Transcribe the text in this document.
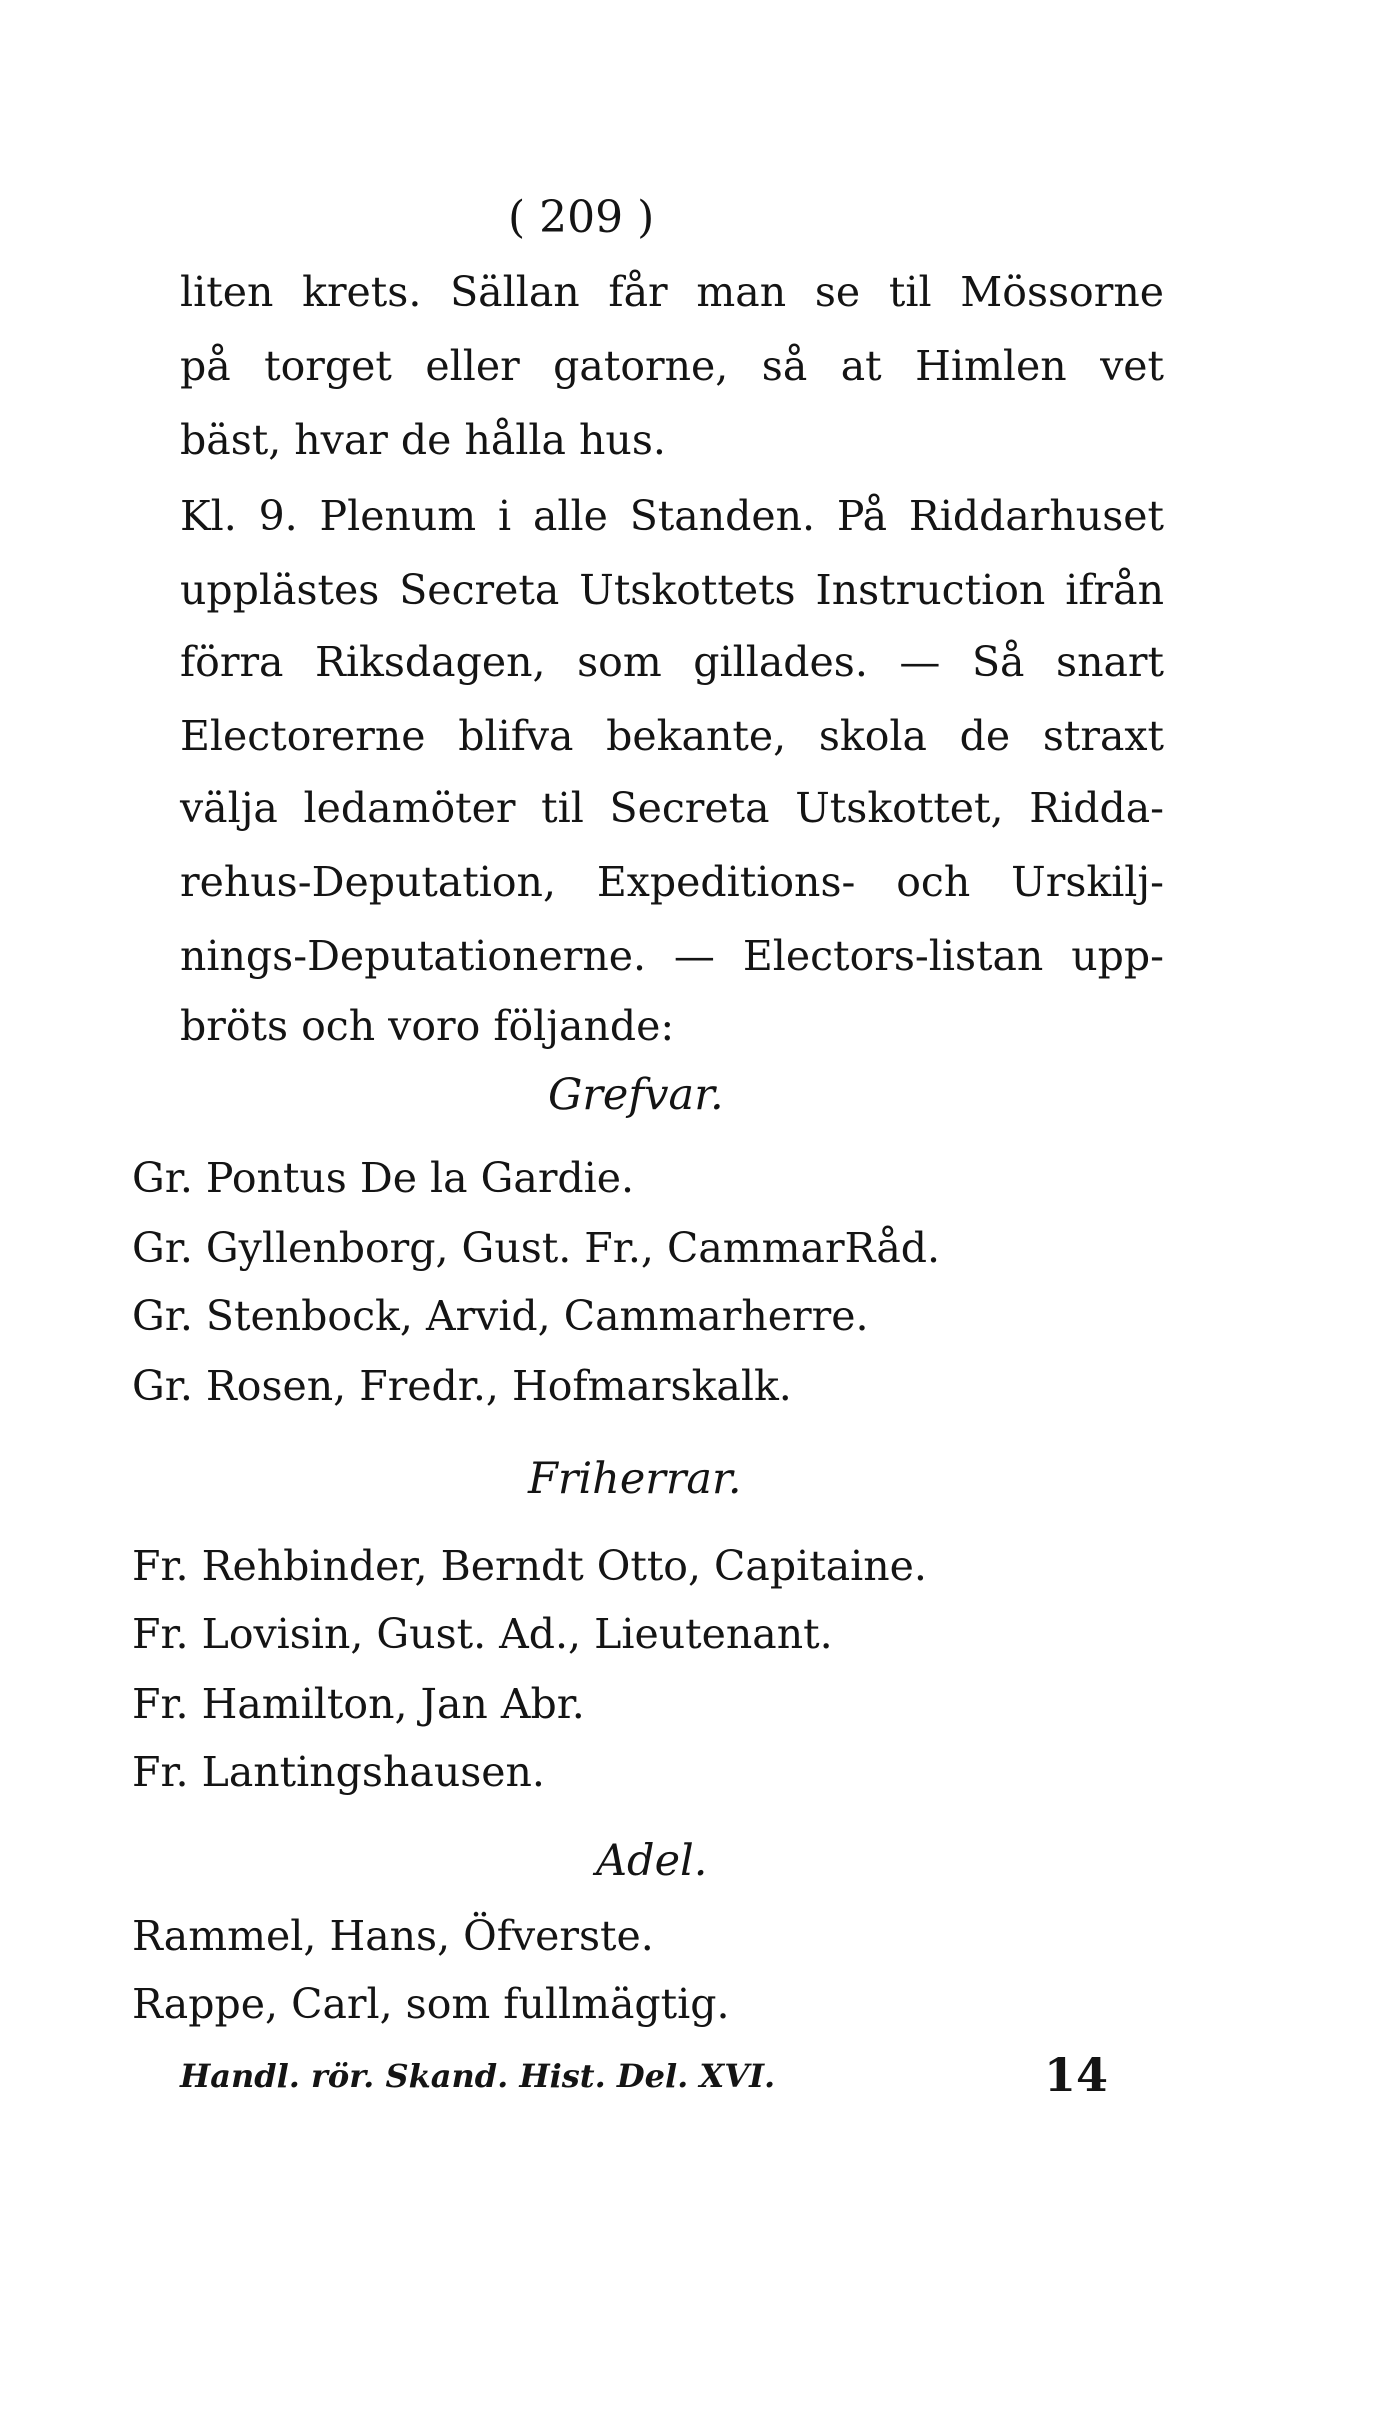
( 209 )
liten krets. Sällan får man se til Mössorne
på torget eller gatorne, så at Himlen vet
bäst, hvar de hålla hus.
Kl. 9. Plenum i alle Standen. På Riddarhuset
upplästes Secreta Utskottets Instruction ifrån
förra Riksdagen, som gillades. — Så snart
Electorerne blifva bekante, skola de straxt
välja ledamöter til Secreta Utskottet, Ridda-
rehus-Deputation, Expeditions- och Urskilj-
nings-Deputationerne. — Electors-listan upp-
bröts och voro följande:
Grefvar.
Gr. Pontus De la Gardie.
Gr. Gyllenborg, Gust. Fr., CammarRåd.
Gr. Stenbock, Arvid, Cammarherre.
Gr. Rosen, Fredr., Hofmarskalk.
Friherrar.
Fr. Rehbinder, Berndt Otto, Capitaine.
Fr. Lovisin, Gust. Ad., Lieutenant.
Fr. Hamilton, Jan Abr.
Fr. Lantingshausen.
Adel.
Rammel, Hans, Öfverste.
Rappe, Carl, som fullmägtig.
Handl. rör. Skand. Hist. Del. XVI.	14
